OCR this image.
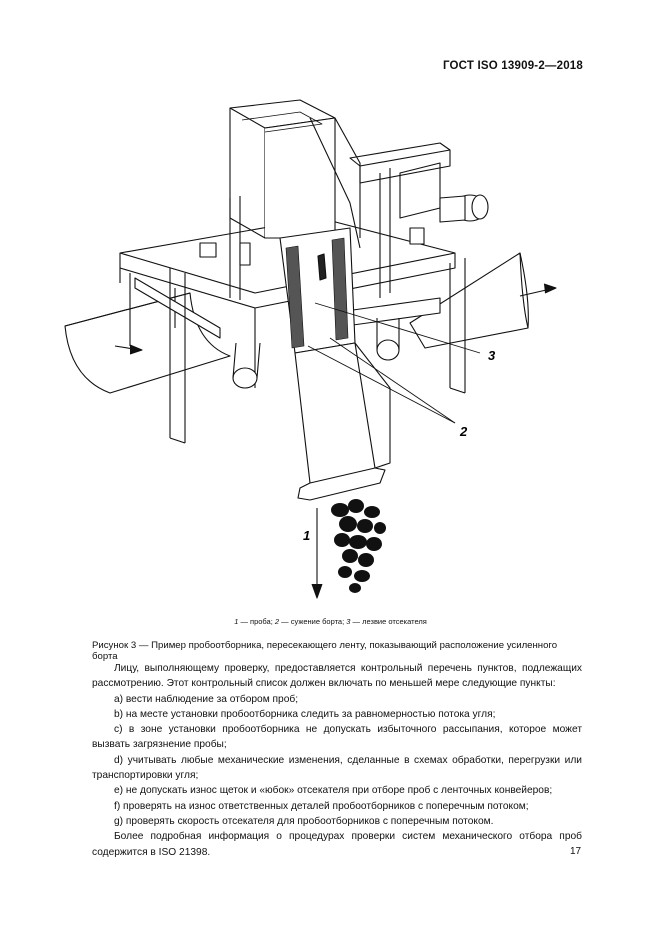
ГОСТ ISO 13909-2—2018
3
2
1
1 — проба; 2 — сужение борта; 3 — лезвие отсекателя
Рисунок 3 — Пример пробоотборника, пересекающего ленту, показывающий расположение усиленного борта

Лицу, выполняющему проверку, предоставляется контрольный перечень пунктов, подлежащих рассмотрению. Этот контрольный список должен включать по меньшей мере следующие пункты:

a) вести наблюдение за отбором проб;

b) на месте установки пробоотборника следить за равномерностью потока угля;

c) в зоне установки пробоотборника не допускать избыточного рассыпания, которое может вызвать загрязнение пробы;

d) учитывать любые механические изменения, сделанные в схемах обработки, перегрузки или транспортировки угля;

e) не допускать износ щеток и «юбок» отсекателя при отборе проб с ленточных конвейеров;

f) проверять на износ ответственных деталей пробоотборников с поперечным потоком;

g) проверять скорость отсекателя для пробоотборников с поперечным потоком.

Более подробная информация о процедурах проверки систем механического отбора проб содержится в ISO 21398.	17
